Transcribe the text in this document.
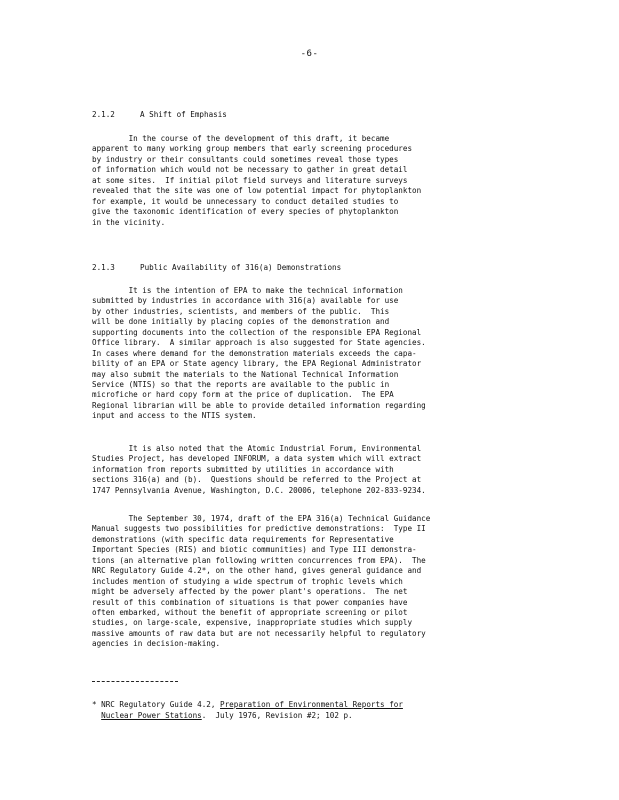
-6-
2.1.2	A Shift of Emphasis
In the course of the development of this draft, it became
apparent to many working group members that early screening procedures
by industry or their consultants could sometimes reveal those types
of information which would not be necessary to gather in great detail
at some sites.  If initial pilot field surveys and literature surveys
revealed that the site was one of low potential impact for phytoplankton
for example, it would be unnecessary to conduct detailed studies to
give the taxonomic identification of every species of phytoplankton
in the vicinity.
2.1.3	Public Availability of 316(a) Demonstrations
It is the intention of EPA to make the technical information
submitted by industries in accordance with 316(a) available for use
by other industries, scientists, and members of the public.  This
will be done initially by placing copies of the demonstration and
supporting documents into the collection of the responsible EPA Regional
Office library.  A similar approach is also suggested for State agencies.
In cases where demand for the demonstration materials exceeds the capa-
bility of an EPA or State agency library, the EPA Regional Administrator
may also submit the materials to the National Technical Information
Service (NTIS) so that the reports are available to the public in
microfiche or hard copy form at the price of duplication.  The EPA
Regional librarian will be able to provide detailed information regarding
input and access to the NTIS system.
It is also noted that the Atomic Industrial Forum, Environmental
Studies Project, has developed INFORUM, a data system which will extract
information from reports submitted by utilities in accordance with
sections 316(a) and (b).  Questions should be referred to the Project at
1747 Pennsylvania Avenue, Washington, D.C. 20006, telephone 202-833-9234.
The September 30, 1974, draft of the EPA 316(a) Technical Guidance
Manual suggests two possibilities for predictive demonstrations:  Type II
demonstrations (with specific data requirements for Representative
Important Species (RIS) and biotic communities) and Type III demonstra-
tions (an alternative plan following written concurrences from EPA).  The
NRC Regulatory Guide 4.2*, on the other hand, gives general guidance and
includes mention of studying a wide spectrum of trophic levels which
might be adversely affected by the power plant's operations.  The net
result of this combination of situations is that power companies have
often embarked, without the benefit of appropriate screening or pilot
studies, on large-scale, expensive, inappropriate studies which supply
massive amounts of raw data but are not necessarily helpful to regulatory
agencies in decision-making.
* NRC Regulatory Guide 4.2, Preparation of Environmental Reports for
Nuclear Power Stations.  July 1976, Revision #2; 102 p.
